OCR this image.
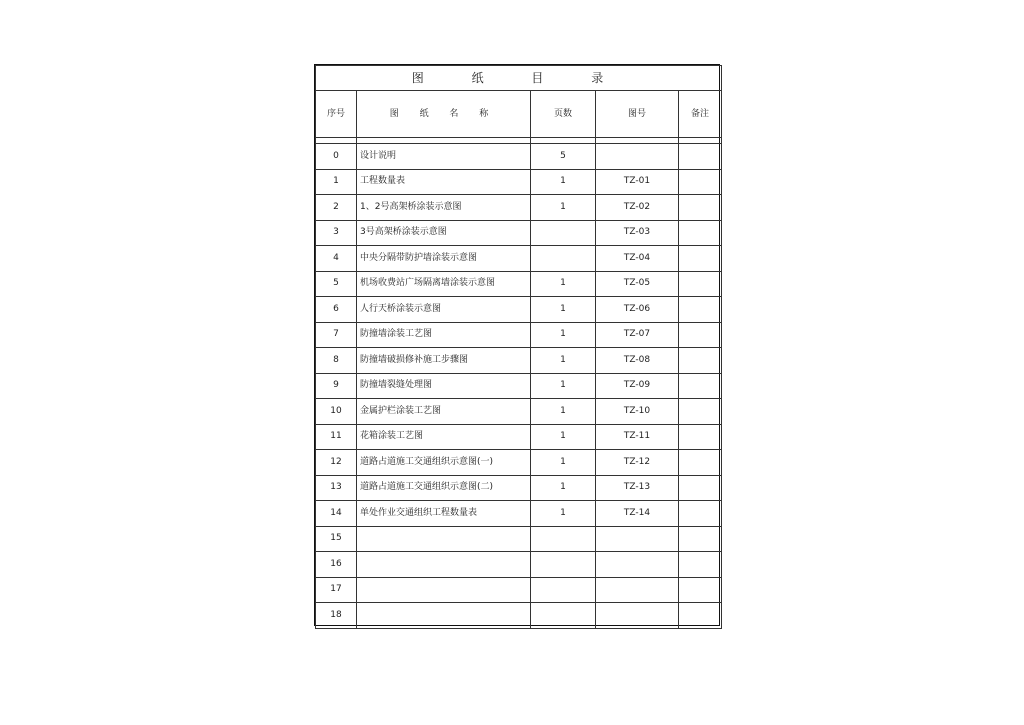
图 纸 目 录				
序号	图 纸 名 称	页数	图号	备注

0	设计说明	5		
1	工程数量表	1	TZ-01	
2	1、2号高架桥涂装示意图	1	TZ-02	
3	3号高架桥涂装示意图		TZ-03	
4	中央分隔带防护墙涂装示意图		TZ-04	
5	机场收费站广场隔离墙涂装示意图	1	TZ-05	
6	人行天桥涂装示意图	1	TZ-06	
7	防撞墙涂装工艺图	1	TZ-07	
8	防撞墙破损修补施工步骤图	1	TZ-08	
9	防撞墙裂缝处理图	1	TZ-09	
10	金属护栏涂装工艺图	1	TZ-10	
11	花箱涂装工艺图	1	TZ-11	
12	道路占道施工交通组织示意图(一)	1	TZ-12	
13	道路占道施工交通组织示意图(二)	1	TZ-13	
14	单处作业交通组织工程数量表	1	TZ-14	
15				
16				
17				
18				
